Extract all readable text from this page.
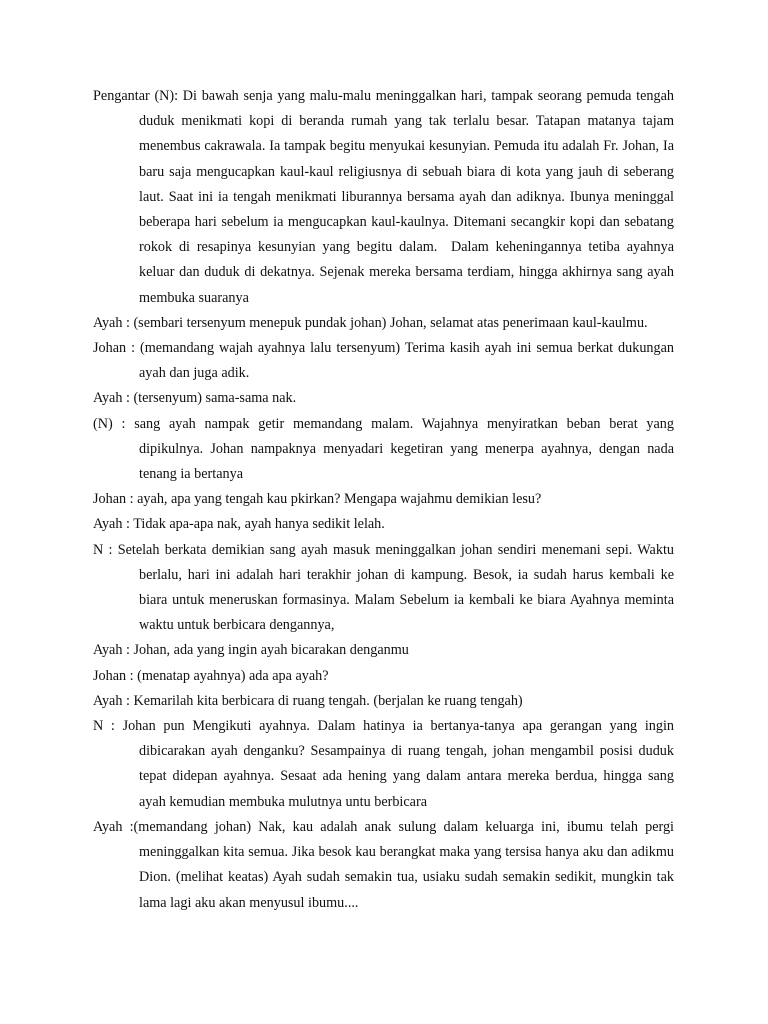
Pengantar (N): Di bawah senja yang malu-malu meninggalkan hari, tampak seorang pemuda tengah duduk menikmati kopi di beranda rumah yang tak terlalu besar. Tatapan matanya tajam menembus cakrawala. Ia tampak begitu menyukai kesunyian. Pemuda itu adalah Fr. Johan, Ia baru saja mengucapkan kaul-kaul religiusnya di sebuah biara di kota yang jauh di seberang laut. Saat ini ia tengah menikmati liburannya bersama ayah dan adiknya. Ibunya meninggal beberapa hari sebelum ia mengucapkan kaul-kaulnya. Ditemani secangkir kopi dan sebatang rokok di resapinya kesunyian yang begitu dalam.  Dalam keheningannya tetiba ayahnya keluar dan duduk di dekatnya. Sejenak mereka bersama terdiam, hingga akhirnya sang ayah membuka suaranya

Ayah : (sembari tersenyum menepuk pundak johan) Johan, selamat atas penerimaan kaul-kaulmu.

Johan : (memandang wajah ayahnya lalu tersenyum) Terima kasih ayah ini semua berkat dukungan ayah dan juga adik.

Ayah : (tersenyum) sama-sama nak.

(N) : sang ayah nampak getir memandang malam. Wajahnya menyiratkan beban berat yang dipikulnya. Johan nampaknya menyadari kegetiran yang menerpa ayahnya, dengan nada tenang ia bertanya

Johan : ayah, apa yang tengah kau pkirkan? Mengapa wajahmu demikian lesu?

Ayah : Tidak apa-apa nak, ayah hanya sedikit lelah.

N : Setelah berkata demikian sang ayah masuk meninggalkan johan sendiri menemani sepi. Waktu berlalu, hari ini adalah hari terakhir johan di kampung. Besok, ia sudah harus kembali ke biara untuk meneruskan formasinya. Malam Sebelum ia kembali ke biara Ayahnya meminta waktu untuk berbicara dengannya,

Ayah : Johan, ada yang ingin ayah bicarakan denganmu

Johan : (menatap ayahnya) ada apa ayah?

Ayah : Kemarilah kita berbicara di ruang tengah. (berjalan ke ruang tengah)

N : Johan pun Mengikuti ayahnya. Dalam hatinya ia bertanya-tanya apa gerangan yang ingin dibicarakan ayah denganku? Sesampainya di ruang tengah, johan mengambil posisi duduk tepat didepan ayahnya. Sesaat ada hening yang dalam antara mereka berdua, hingga sang ayah kemudian membuka mulutnya untu berbicara

Ayah :(memandang johan) Nak, kau adalah anak sulung dalam keluarga ini, ibumu telah pergi meninggalkan kita semua. Jika besok kau berangkat maka yang tersisa hanya aku dan adikmu Dion. (melihat keatas) Ayah sudah semakin tua, usiaku sudah semakin sedikit, mungkin tak lama lagi aku akan menyusul ibumu....
